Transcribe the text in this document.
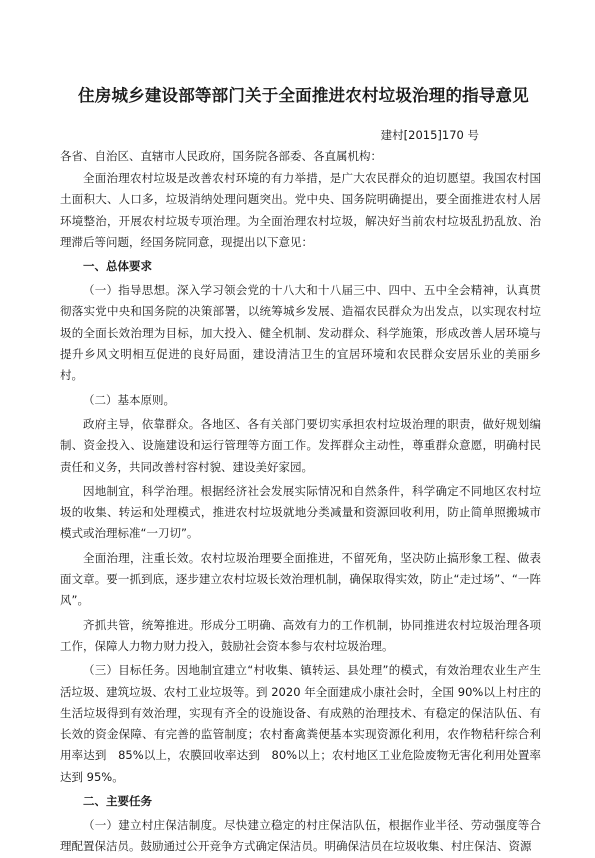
住房城乡建设部等部门关于全面推进农村垃圾治理的指导意见
建村[2015]170 号
各省、自治区、直辖市人民政府，国务院各部委、各直属机构：

全面治理农村垃圾是改善农村环境的有力举措，是广大农民群众的迫切愿望。我国农村国土面积大、人口多，垃圾消纳处理问题突出。党中央、国务院明确提出，要全面推进农村人居环境整治，开展农村垃圾专项治理。为全面治理农村垃圾，解决好当前农村垃圾乱扔乱放、治理滞后等问题，经国务院同意，现提出以下意见：

一、总体要求

（一）指导思想。深入学习领会党的十八大和十八届三中、四中、五中全会精神，认真贯彻落实党中央和国务院的决策部署，以统筹城乡发展、造福农民群众为出发点，以实现农村垃圾的全面长效治理为目标，加大投入、健全机制、发动群众、科学施策，形成改善人居环境与提升乡风文明相互促进的良好局面，建设清洁卫生的宜居环境和农民群众安居乐业的美丽乡村。

（二）基本原则。

政府主导，依靠群众。各地区、各有关部门要切实承担农村垃圾治理的职责，做好规划编制、资金投入、设施建设和运行管理等方面工作。发挥群众主动性，尊重群众意愿，明确村民责任和义务，共同改善村容村貌、建设美好家园。

因地制宜，科学治理。根据经济社会发展实际情况和自然条件，科学确定不同地区农村垃圾的收集、转运和处理模式，推进农村垃圾就地分类减量和资源回收利用，防止简单照搬城市模式或治理标准“一刀切”。

全面治理，注重长效。农村垃圾治理要全面推进，不留死角，坚决防止搞形象工程、做表面文章。要一抓到底，逐步建立农村垃圾长效治理机制，确保取得实效，防止“走过场”、“一阵风”。

齐抓共管，统筹推进。形成分工明确、高效有力的工作机制，协同推进农村垃圾治理各项工作，保障人力物力财力投入，鼓励社会资本参与农村垃圾治理。

（三）目标任务。因地制宜建立“村收集、镇转运、县处理”的模式，有效治理农业生产生活垃圾、建筑垃圾、农村工业垃圾等。到 2020 年全面建成小康社会时，全国 90%以上村庄的生活垃圾得到有效治理，实现有齐全的设施设备、有成熟的治理技术、有稳定的保洁队伍、有长效的资金保障、有完善的监管制度；农村畜禽粪便基本实现资源化利用，农作物秸秆综合利用率达到　85%以上，农膜回收率达到　80%以上；农村地区工业危险废物无害化利用处置率达到 95%。

二、主要任务

（一）建立村庄保洁制度。尽快建立稳定的村庄保洁队伍，根据作业半径、劳动强度等合理配置保洁员。鼓励通过公开竞争方式确定保洁员。明确保洁员在垃圾收集、村庄保洁、资源
